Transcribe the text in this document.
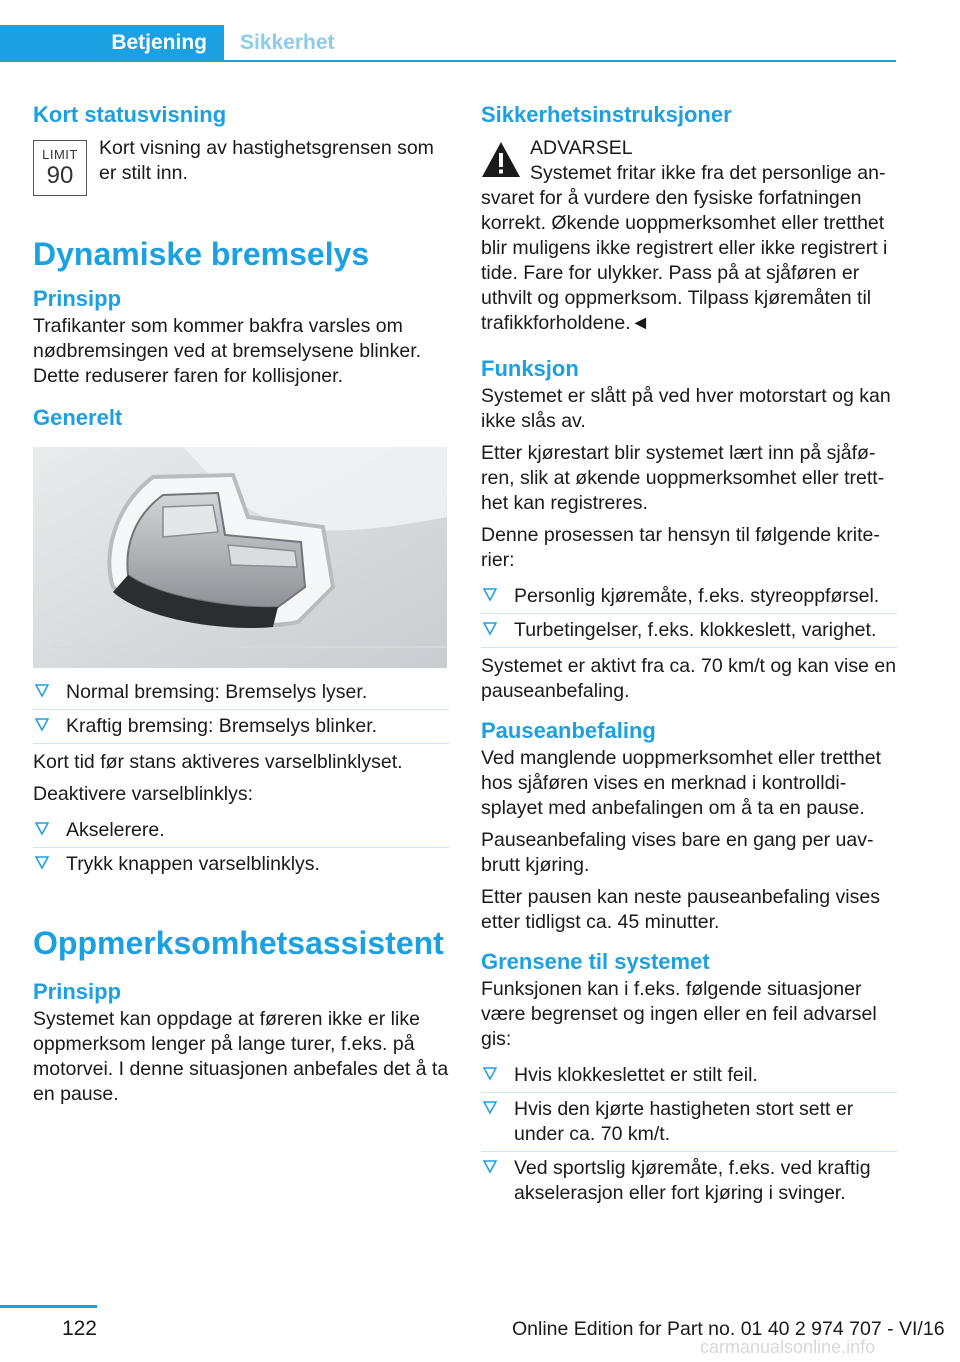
Betjening	Sikkerhet
Kort statusvisning
LIMIT
90
Kort visning av hastighetsgrensen som er stilt inn.
Dynamiske bremselys
Prinsipp
Trafikanter som kommer bakfra varsles om nødbremsingen ved at bremselysene blinker. Dette reduserer faren for kollisjoner.
Generelt
Normal bremsing: Bremselys lyser.
Kraftig bremsing: Bremselys blinker.
Kort tid før stans aktiveres varselblinklyset.
Deaktivere varselblinklys:
Akselerere.
Trykk knappen varselblinklys.
Oppmerksomhetsassistent
Prinsipp
Systemet kan oppdage at føreren ikke er like oppmerksom lenger på lange turer, f.eks. på motorvei. I denne situasjonen anbefales det å ta en pause.
Sikkerhetsinstruksjoner
ADVARSEL
Systemet fritar ikke fra det personlige ansvaret for å vurdere den fysiske forfatningen korrekt. Økende uoppmerksomhet eller tretthet blir muligens ikke registrert eller ikke registrert i tide. Fare for ulykker. Pass på at sjåføren er uthvilt og oppmerksom. Tilpass kjøremåten til trafikkforholdene.◄
Funksjon
Systemet er slått på ved hver motorstart og kan ikke slås av.
Etter kjørestart blir systemet lært inn på sjåføren, slik at økende uoppmerksomhet eller tretthet kan registreres.
Denne prosessen tar hensyn til følgende kriterier:
Personlig kjøremåte, f.eks. styreoppførsel.
Turbetingelser, f.eks. klokkeslett, varighet.
Systemet er aktivt fra ca. 70 km/t og kan vise en pauseanbefaling.
Pauseanbefaling
Ved manglende uoppmerksomhet eller tretthet hos sjåføren vises en merknad i kontrolldisplayet med anbefalingen om å ta en pause.
Pauseanbefaling vises bare en gang per uavbrutt kjøring.
Etter pausen kan neste pauseanbefaling vises etter tidligst ca. 45 minutter.
Grensene til systemet
Funksjonen kan i f.eks. følgende situasjoner være begrenset og ingen eller en feil advarsel gis:
Hvis klokkeslettet er stilt feil.
Hvis den kjørte hastigheten stort sett er under ca. 70 km/t.
Ved sportslig kjøremåte, f.eks. ved kraftig akselerasjon eller fort kjøring i svinger.
122	Online Edition for Part no. 01 40 2 974 707 - VI/16
carmanualsonline.info
